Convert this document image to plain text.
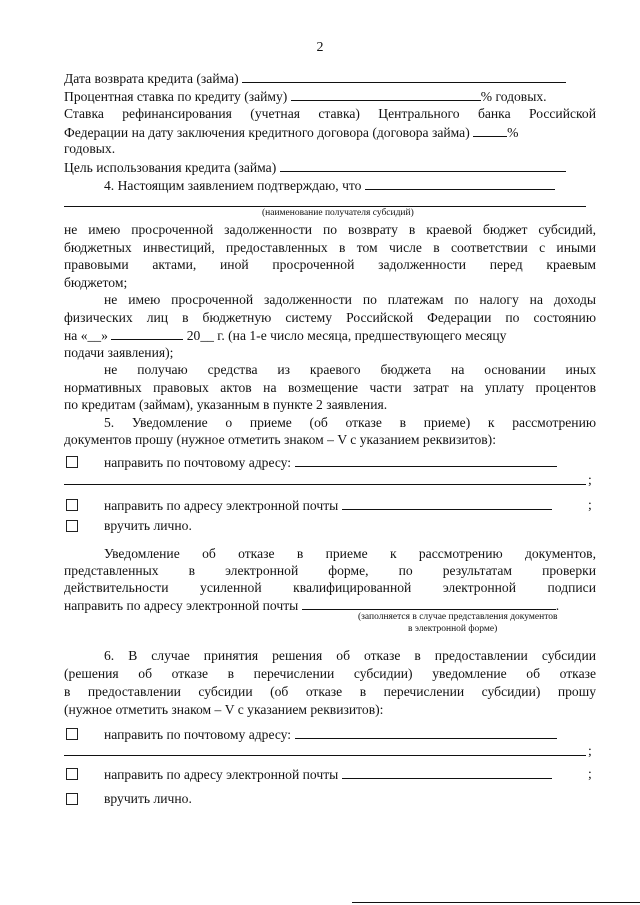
2
Дата возврата кредита (займа)
Процентная ставка по кредиту (займу)	% годовых.
Ставка рефинансирования (учетная ставка) Центрального банка Российской
Федерации на дату заключения кредитного договора (договора займа)	%
годовых.
Цель использования кредита (займа)
4. Настоящим заявлением подтверждаю, что
(наименование получателя субсидий)
не имею просроченной задолженности по возврату в краевой бюджет субсидий,
бюджетных инвестиций, предоставленных в том числе в соответствии с иными
правовыми актами, иной просроченной задолженности перед краевым
бюджетом;
не имею просроченной задолженности по платежам по налогу на доходы
физических лиц в бюджетную систему Российской Федерации по состоянию
на «__»	20__ г. (на 1-е число месяца, предшествующего месяцу
подачи заявления);
не получаю средства из краевого бюджета на основании иных
нормативных правовых актов на возмещение части затрат на уплату процентов
по кредитам (займам), указанным в пункте 2 заявления.
5. Уведомление о приеме (об отказе в приеме) к рассмотрению
документов прошу (нужное отметить знаком – V с указанием реквизитов):
направить по почтовому адресу:
;
направить по адресу электронной почты	;
вручить лично.
Уведомление об отказе в приеме к рассмотрению документов,
представленных в электронной форме, по результатам проверки
действительности усиленной квалифицированной электронной подписи
направить по адресу электронной почты	.
(заполняется в случае представления документов
в электронной форме)
6. В случае принятия решения об отказе в предоставлении субсидии
(решения об отказе в перечислении субсидии) уведомление об отказе
в предоставлении субсидии (об отказе в перечислении субсидии) прошу
(нужное отметить знаком – V с указанием реквизитов):
направить по почтовому адресу:
;
направить по адресу электронной почты	;
вручить лично.
